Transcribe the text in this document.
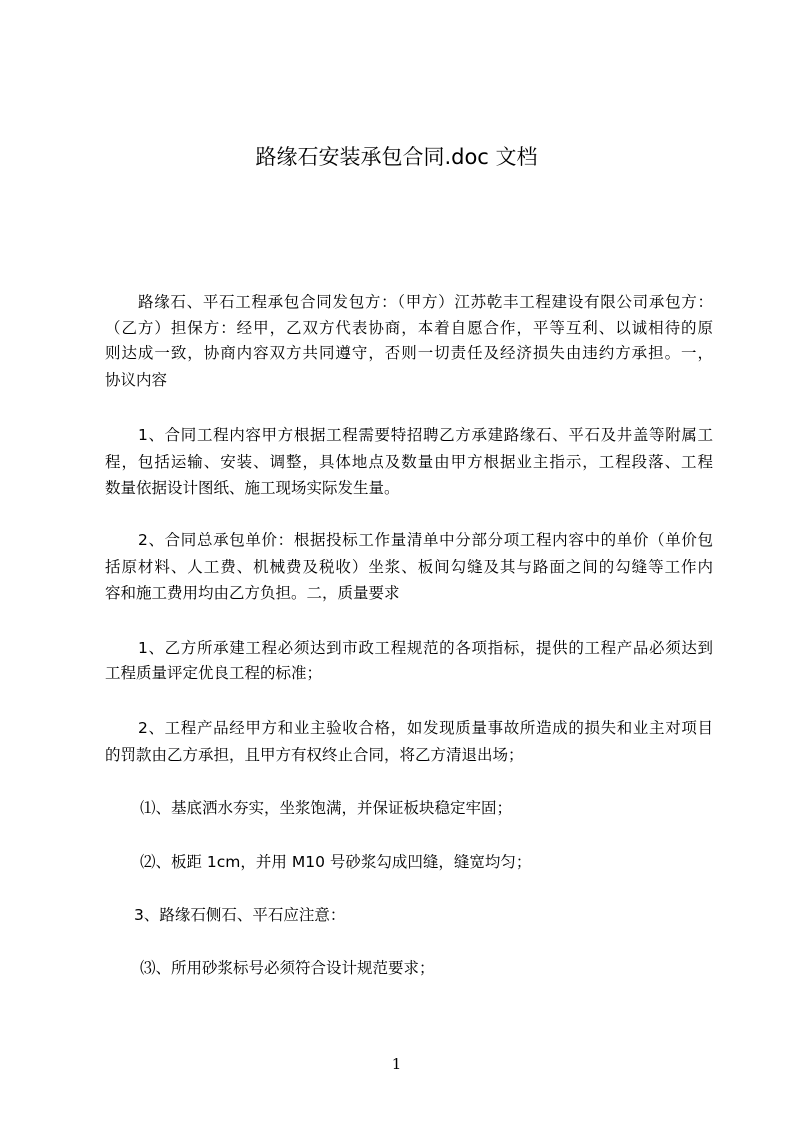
路缘石安装承包合同.doc 文档
路缘石、平石工程承包合同发包方：（甲方）江苏乾丰工程建设有限公司承包方：
（乙方）担保方：经甲，乙双方代表协商，本着自愿合作，平等互利、以诚相待的原
则达成一致，协商内容双方共同遵守，否则一切责任及经济损失由违约方承担。一，
协议内容
1、合同工程内容甲方根据工程需要特招聘乙方承建路缘石、平石及井盖等附属工
程，包括运输、安装、调整，具体地点及数量由甲方根据业主指示，工程段落、工程
数量依据设计图纸、施工现场实际发生量。
2、合同总承包单价：根据投标工作量清单中分部分项工程内容中的单价（单价包
括原材料、人工费、机械费及税收）坐浆、板间勾缝及其与路面之间的勾缝等工作内
容和施工费用均由乙方负担。二，质量要求
1、乙方所承建工程必须达到市政工程规范的各项指标，提供的工程产品必须达到
工程质量评定优良工程的标准；
2、工程产品经甲方和业主验收合格，如发现质量事故所造成的损失和业主对项目
的罚款由乙方承担，且甲方有权终止合同，将乙方清退出场；
⑴、基底洒水夯实，坐浆饱满，并保证板块稳定牢固；
⑵、板距 1cm，并用 M10 号砂浆勾成凹缝，缝宽均匀；
3、路缘石侧石、平石应注意：
⑶、所用砂浆标号必须符合设计规范要求；
1
